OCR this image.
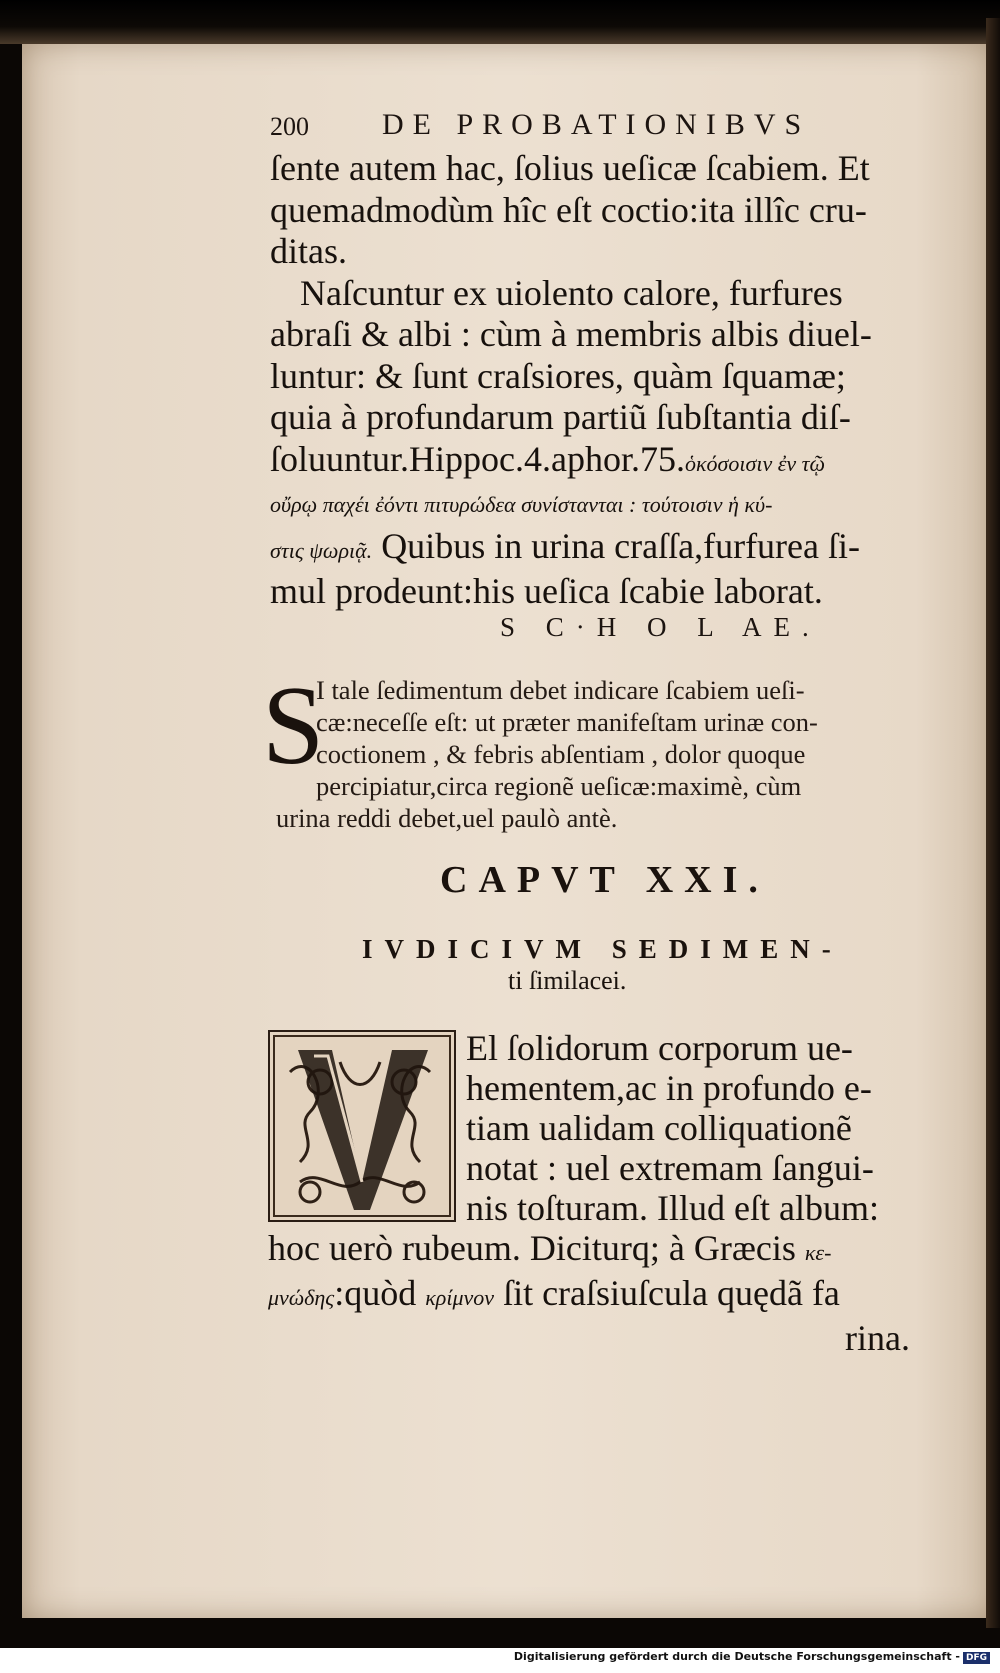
200 DE PROBATIONIBVS
ſente autem hac, ſolius ueſicæ ſcabiem. Et
quemadmodùm hîc eſt coctio:ita illîc cru-
ditas.
Naſcuntur ex uiolento calore, furfures
abraſi & albi : cùm à membris albis diuel-
luntur: & ſunt craſsiores, quàm ſquamæ;
quia à profundarum partiũ ſubſtantia diſ-
ſoluuntur.Hippoc.4.aphor.75.ὁκόσοισιν ἐν τῷ
οὔρῳ παχέι ἐόντι πιτυρώδεα συνίστανται : τούτοισιν ἡ κύ-
στις ψωριᾷ. Quibus in urina craſſa,furfurea ſi-
mul prodeunt:his ueſica ſcabie laborat.
S C·H O L AE.
S
I tale ſedimentum debet indicare ſcabiem ueſi-
cæ:neceſſe eſt: ut præter manifeſtam urinæ con-
coctionem , & febris abſentiam , dolor quoque
percipiatur,circa regionẽ ueſicæ:maximè, cùm
urina reddi debet,uel paulò antè.
CAPVT XXI.
IVDICIVM SEDIMEN-
ti ſimilacei.
El ſolidorum corporum ue-
hementem,ac in profundo e-
tiam ualidam colliquationẽ
notat : uel extremam ſangui-
nis toſturam. Illud eſt album:
hoc uerò rubeum. Diciturq; à Græcis κε-
μνώδης:quòd κρίμνον ſit craſsiuſcula quędã fa
rina.
Digitalisierung gefördert durch die Deutsche Forschungsgemeinschaft - DFG
